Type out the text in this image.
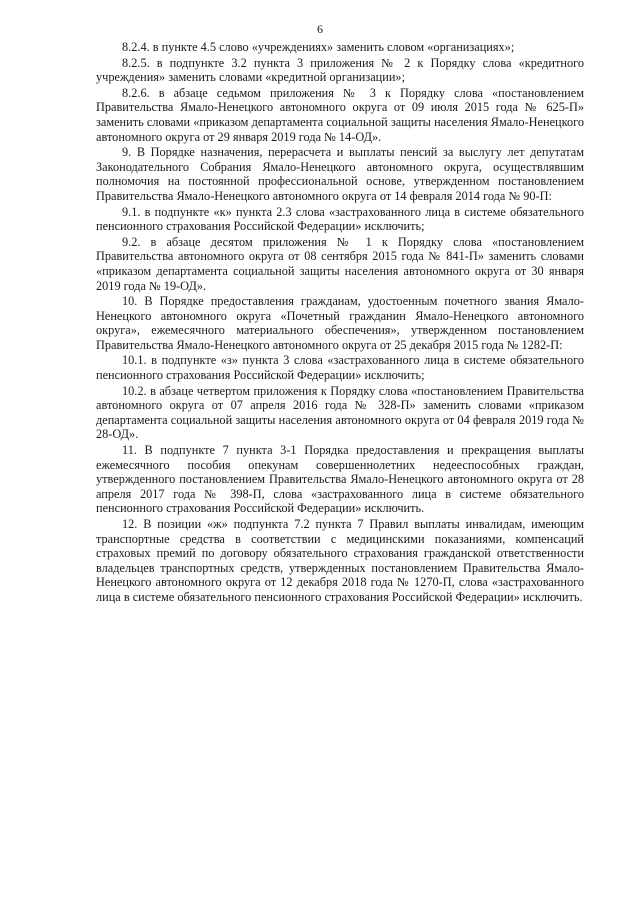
6

8.2.4. в пункте 4.5 слово «учреждениях» заменить словом «организациях»;

8.2.5. в подпункте 3.2 пункта 3 приложения № 2 к Порядку слова «кредитного учреждения» заменить словами «кредитной организации»;

8.2.6. в абзаце седьмом приложения № 3 к Порядку слова «постановлением Правительства Ямало-Ненецкого автономного округа от 09 июля 2015 года № 625-П» заменить словами «приказом департамента социальной защиты населения Ямало-Ненецкого автономного округа от 29 января 2019 года № 14-ОД».

9. В Порядке назначения, перерасчета и выплаты пенсий за выслугу лет депутатам Законодательного Собрания Ямало-Ненецкого автономного округа, осуществлявшим полномочия на постоянной профессиональной основе, утвержденном постановлением Правительства Ямало-Ненецкого автономного округа от 14 февраля 2014 года № 90-П:

9.1. в подпункте «к» пункта 2.3 слова «застрахованного лица в системе обязательного пенсионного страхования Российской Федерации» исключить;

9.2. в абзаце десятом приложения № 1 к Порядку слова «постановлением Правительства автономного округа от 08 сентября 2015 года № 841-П» заменить словами «приказом департамента социальной защиты населения автономного округа от 30 января 2019 года № 19-ОД».

10. В Порядке предоставления гражданам, удостоенным почетного звания Ямало-Ненецкого автономного округа «Почетный гражданин Ямало-Ненецкого автономного округа», ежемесячного материального обеспечения», утвержденном постановлением Правительства Ямало-Ненецкого автономного округа от 25 декабря 2015 года № 1282-П:

10.1. в подпункте «з» пункта 3 слова «застрахованного лица в системе обязательного пенсионного страхования Российской Федерации» исключить;

10.2. в абзаце четвертом приложения к Порядку слова «постановлением Правительства автономного округа от 07 апреля 2016 года № 328-П» заменить словами «приказом департамента социальной защиты населения автономного округа от 04 февраля 2019 года № 28-ОД».

11. В подпункте 7 пункта 3-1 Порядка предоставления и прекращения выплаты ежемесячного пособия опекунам совершеннолетних недееспособных граждан, утвержденного постановлением Правительства Ямало-Ненецкого автономного округа от 28 апреля 2017 года № 398-П, слова «застрахованного лица в системе обязательного пенсионного страхования Российской Федерации» исключить.

12. В позиции «ж» подпункта 7.2 пункта 7 Правил выплаты инвалидам, имеющим транспортные средства в соответствии с медицинскими показаниями, компенсаций страховых премий по договору обязательного страхования гражданской ответственности владельцев транспортных средств, утвержденных постановлением Правительства Ямало-Ненецкого автономного округа от 12 декабря 2018 года № 1270-П, слова «застрахованного лица в системе обязательного пенсионного страхования Российской Федерации» исключить.
